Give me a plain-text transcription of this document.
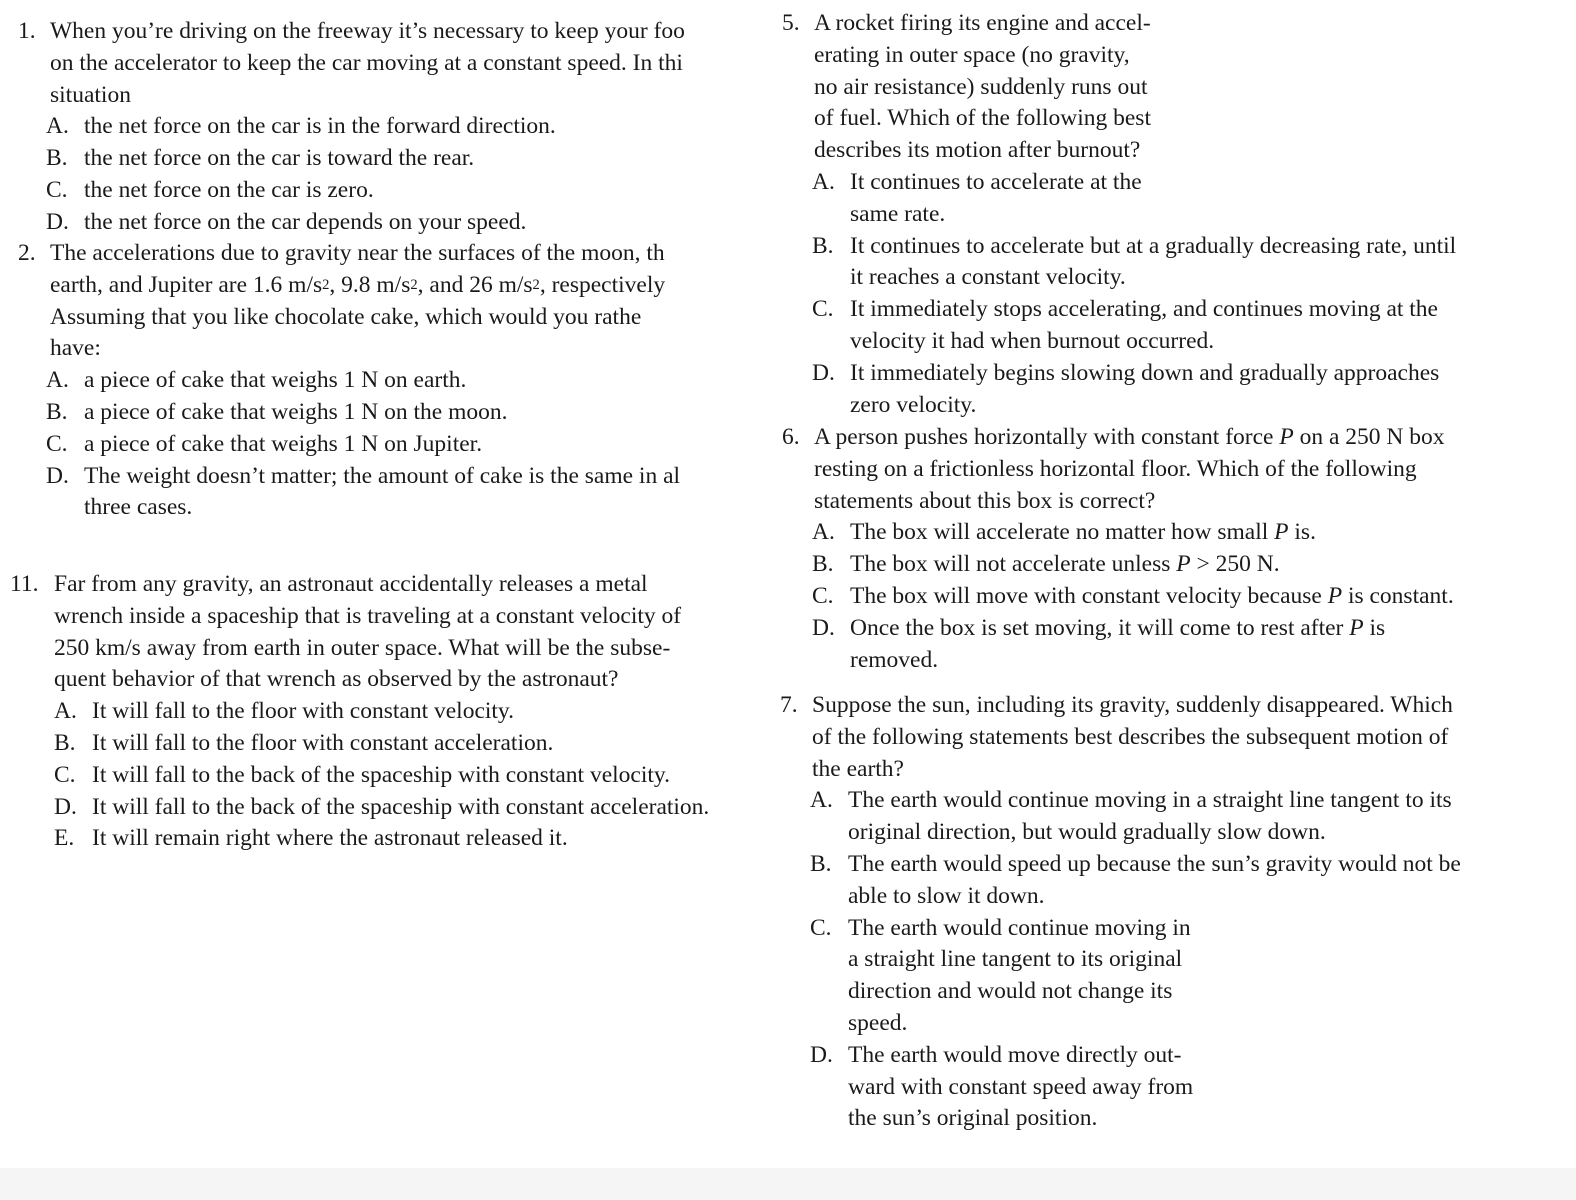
1. When you’re driving on the freeway it’s necessary to keep your foo
on the accelerator to keep the car moving at a constant speed. In thi
situation
A. the net force on the car is in the forward direction.
B. the net force on the car is toward the rear.
C. the net force on the car is zero.
D. the net force on the car depends on your speed.
2. The accelerations due to gravity near the surfaces of the moon, th
earth, and Jupiter are 1.6 $m/s^2$, 9.8 $m/s^2$, and 26 $m/s^2$, respectively
Assuming that you like chocolate cake, which would you rathe
have:
A. a piece of cake that weighs 1 N on earth.
B. a piece of cake that weighs 1 N on the moon.
C. a piece of cake that weighs 1 N on Jupiter.
D. The weight doesn’t matter; the amount of cake is the same in al
three cases.
11. Far from any gravity, an astronaut accidentally releases a metal
wrench inside a spaceship that is traveling at a constant velocity of
250 km/s away from earth in outer space. What will be the subse-
quent behavior of that wrench as observed by the astronaut?
A. It will fall to the floor with constant velocity.
B. It will fall to the floor with constant acceleration.
C. It will fall to the back of the spaceship with constant velocity.
D. It will fall to the back of the spaceship with constant acceleration.
E. It will remain right where the astronaut released it.
5. A rocket firing its engine and accel-
erating in outer space (no gravity,
no air resistance) suddenly runs out
of fuel. Which of the following best
describes its motion after burnout?
A. It continues to accelerate at the
same rate.
B. It continues to accelerate but at a gradually decreasing rate, until
it reaches a constant velocity.
C. It immediately stops accelerating, and continues moving at the
velocity it had when burnout occurred.
D. It immediately begins slowing down and gradually approaches
zero velocity.
6. A person pushes horizontally with constant force P on a 250 N box
resting on a frictionless horizontal floor. Which of the following
statements about this box is correct?
A. The box will accelerate no matter how small P is.
B. The box will not accelerate unless P > 250 N.
C. The box will move with constant velocity because P is constant.
D. Once the box is set moving, it will come to rest after P is
removed.
7. Suppose the sun, including its gravity, suddenly disappeared. Which
of the following statements best describes the subsequent motion of
the earth?
A. The earth would continue moving in a straight line tangent to its
original direction, but would gradually slow down.
B. The earth would speed up because the sun’s gravity would not be
able to slow it down.
C. The earth would continue moving in
a straight line tangent to its original
direction and would not change its
speed.
D. The earth would move directly out-
ward with constant speed away from
the sun’s original position.
